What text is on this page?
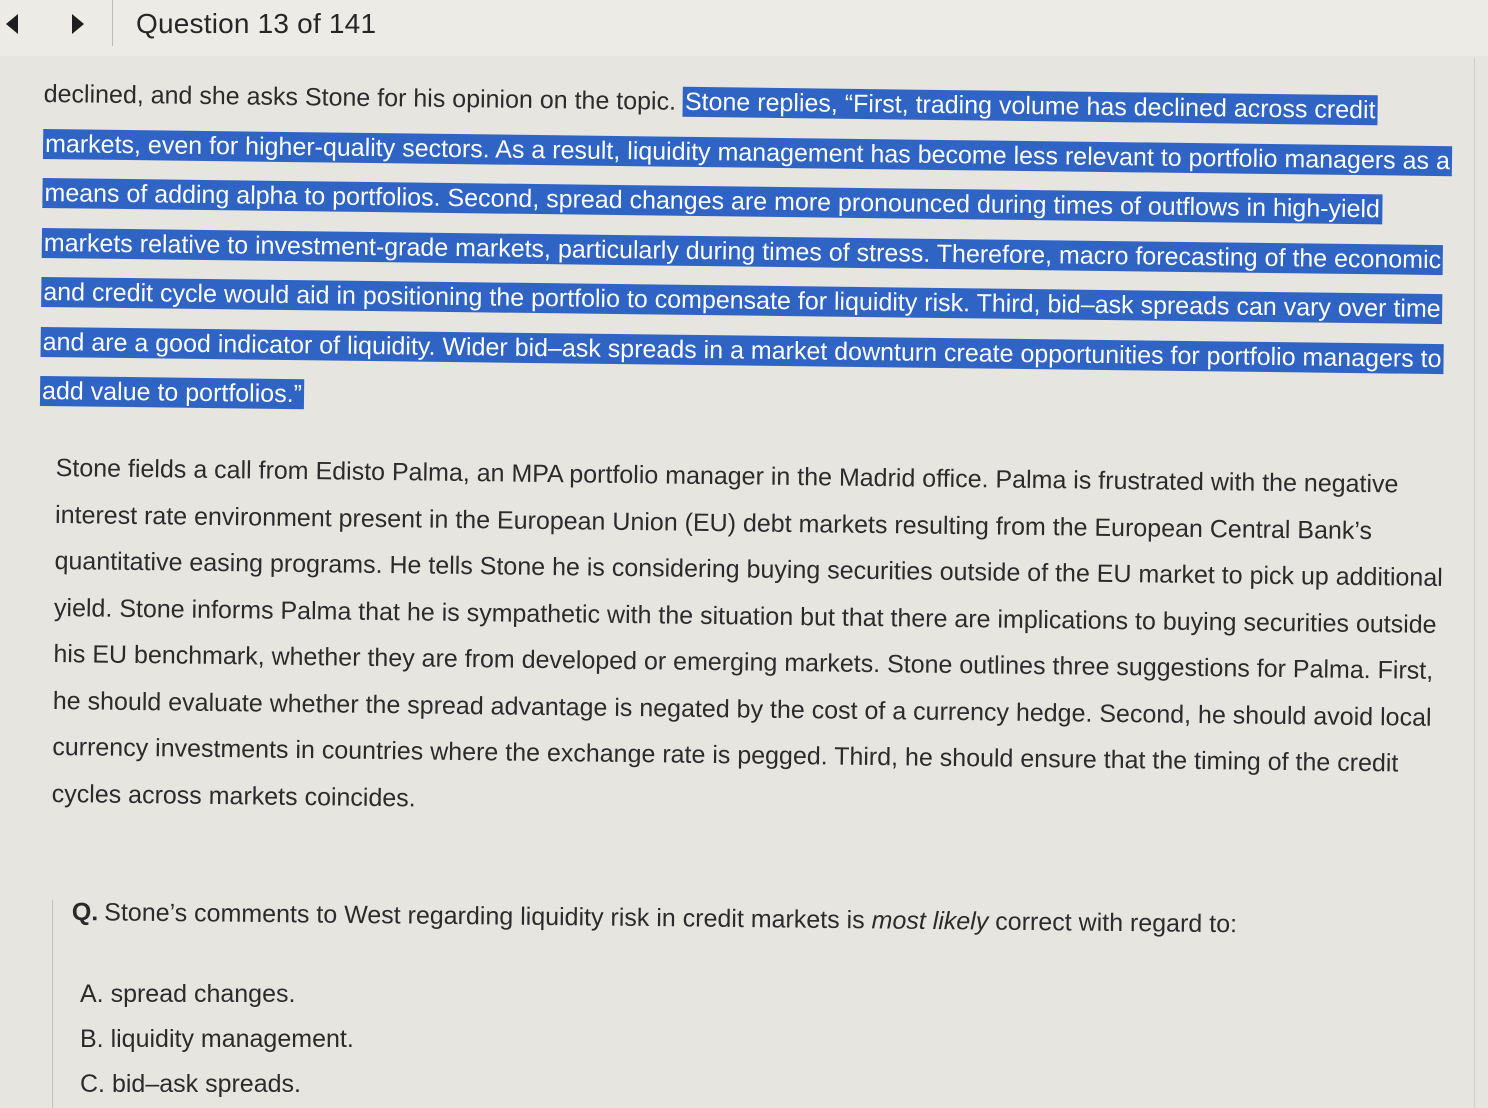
Question 13 of 141

declined, and she asks Stone for his opinion on the topic. Stone replies, “First, trading volume has declined across credit markets, even for higher-quality sectors. As a result, liquidity management has become less relevant to portfolio managers as a means of adding alpha to portfolios. Second, spread changes are more pronounced during times of outflows in high-yield markets relative to investment-grade markets, particularly during times of stress. Therefore, macro forecasting of the economic and credit cycle would aid in positioning the portfolio to compensate for liquidity risk. Third, bid–ask spreads can vary over time and are a good indicator of liquidity. Wider bid–ask spreads in a market downturn create opportunities for portfolio managers to add value to portfolios.”

Stone fields a call from Edisto Palma, an MPA portfolio manager in the Madrid office. Palma is frustrated with the negative interest rate environment present in the European Union (EU) debt markets resulting from the European Central Bank’s quantitative easing programs. He tells Stone he is considering buying securities outside of the EU market to pick up additional yield. Stone informs Palma that he is sympathetic with the situation but that there are implications to buying securities outside his EU benchmark, whether they are from developed or emerging markets. Stone outlines three suggestions for Palma. First, he should evaluate whether the spread advantage is negated by the cost of a currency hedge. Second, he should avoid local currency investments in countries where the exchange rate is pegged. Third, he should ensure that the timing of the credit cycles across markets coincides.

Q. Stone’s comments to West regarding liquidity risk in credit markets is most likely correct with regard to:
A. spread changes.
B. liquidity management.
C. bid–ask spreads.
